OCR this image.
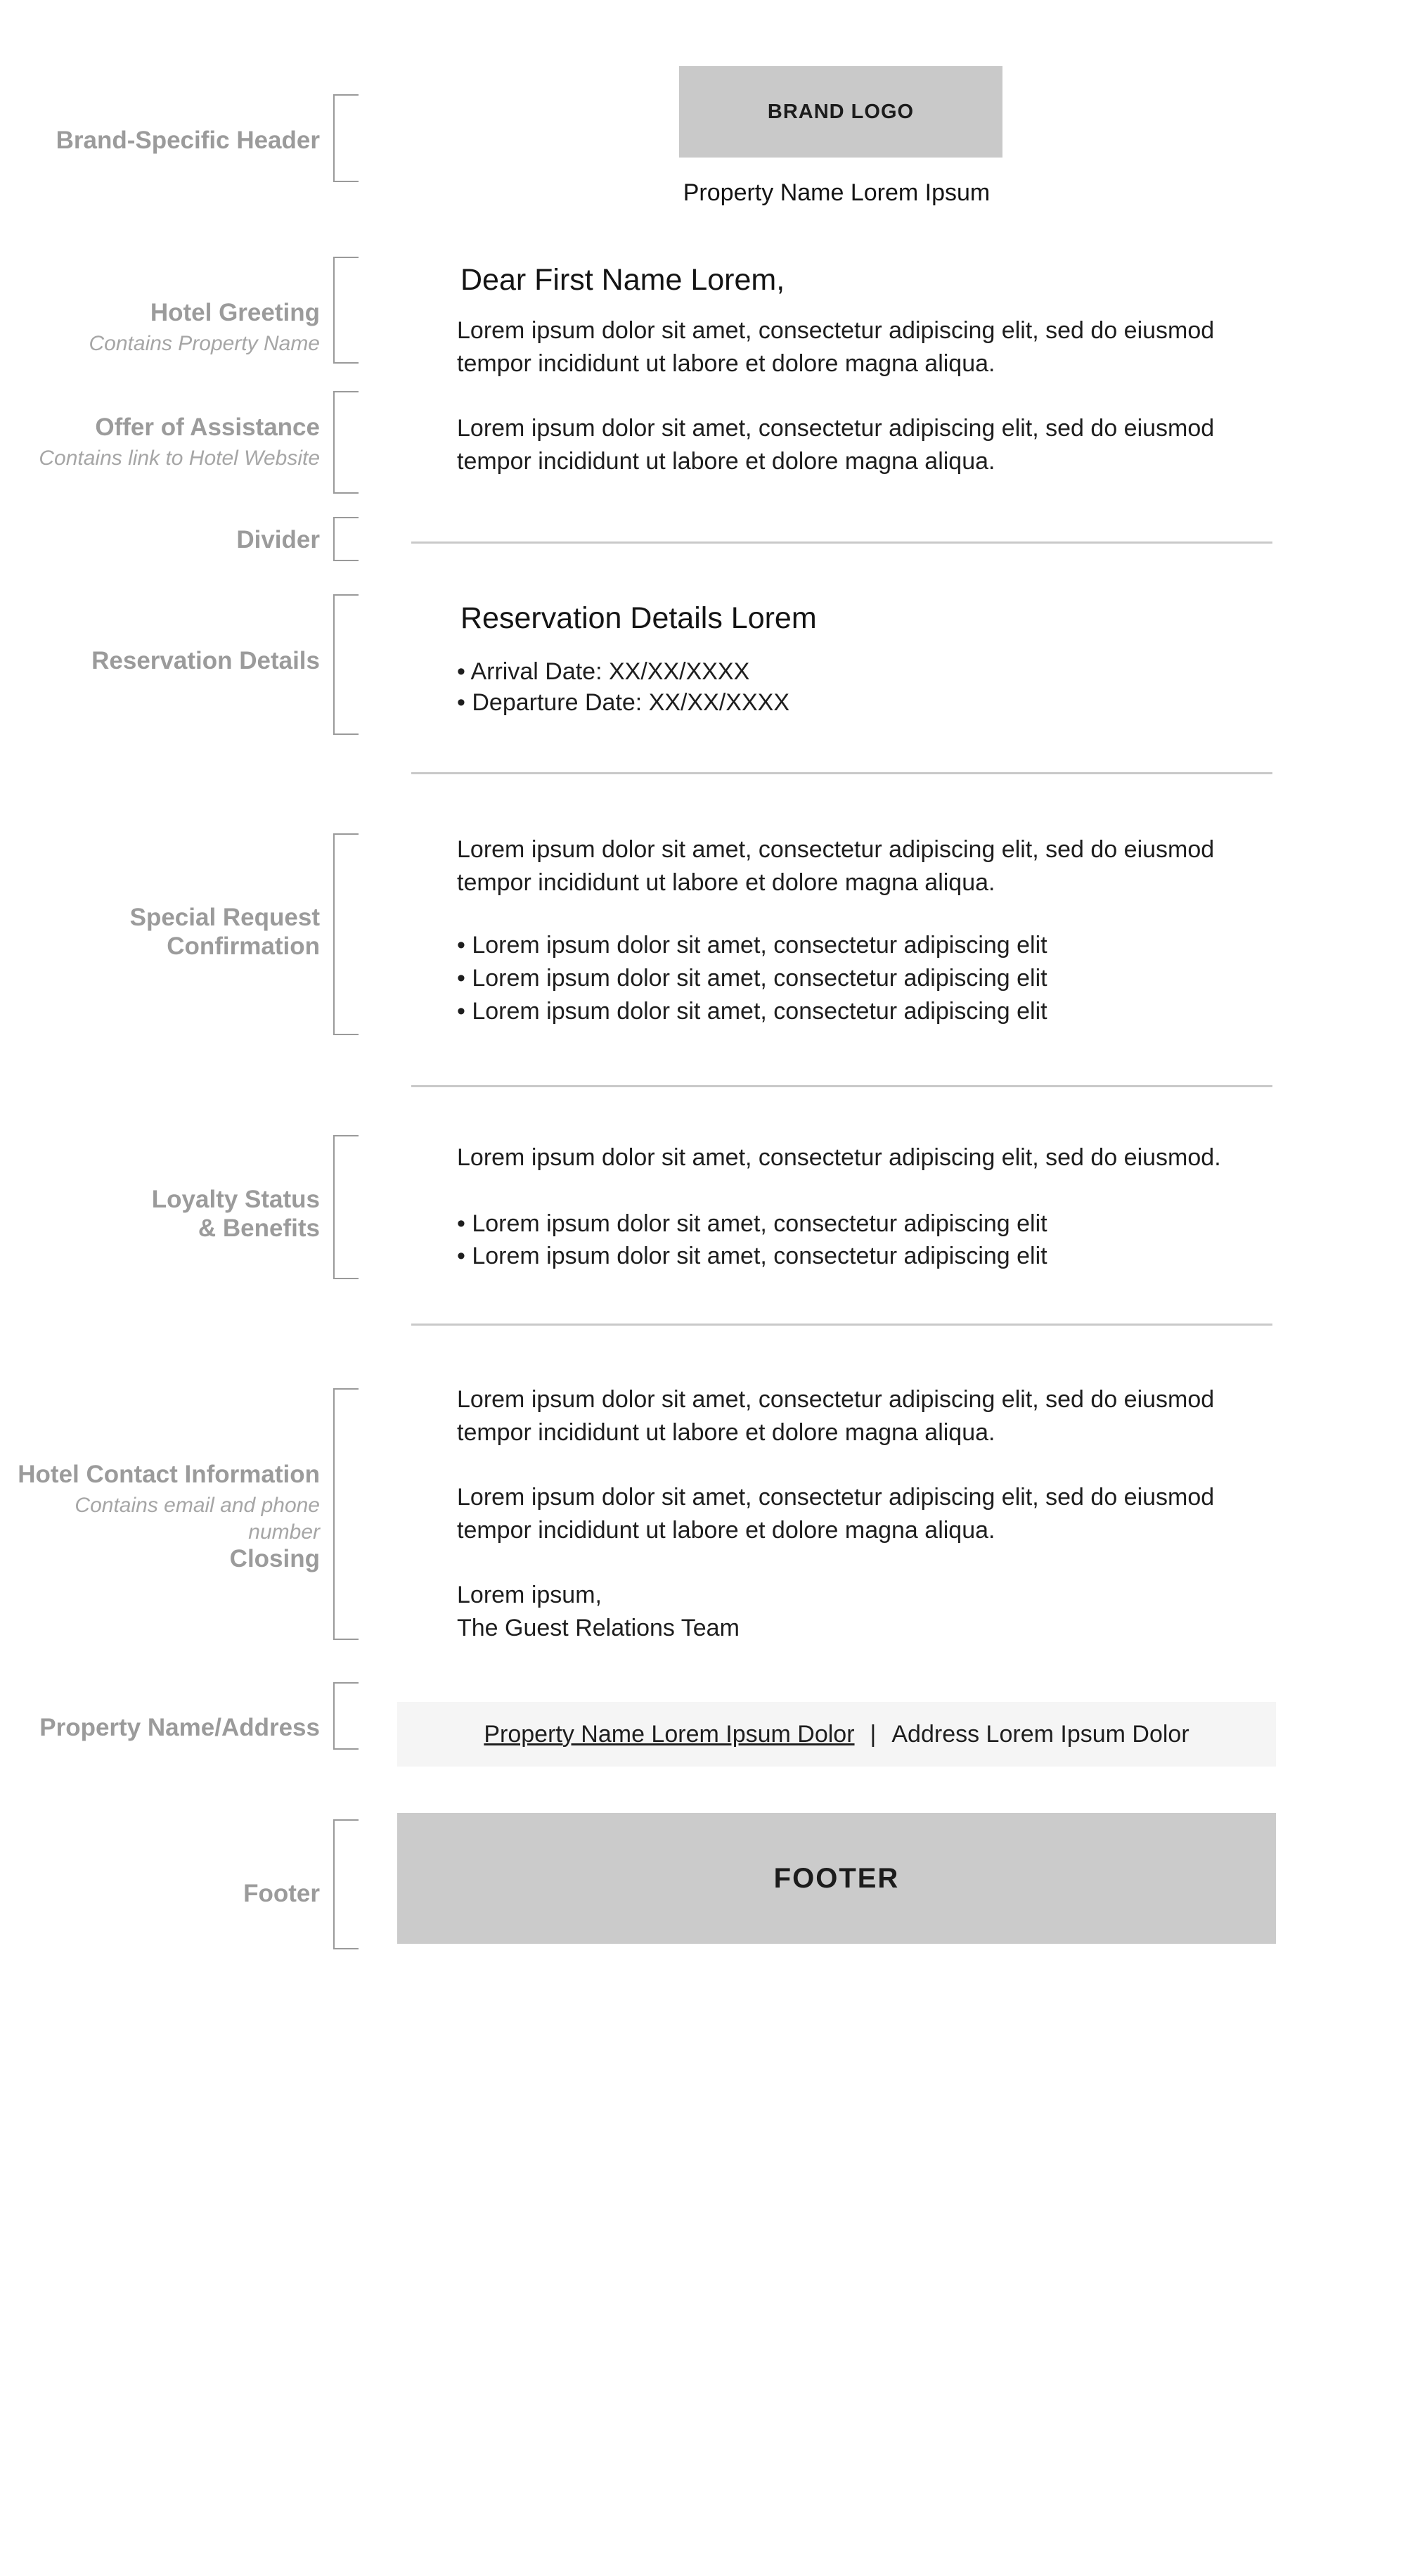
Brand-Specific Header
Hotel Greeting
Contains Property Name
Offer of Assistance
Contains link to Hotel Website
Divider
Reservation Details
Special Request
Confirmation
Loyalty Status
& Benefits
Hotel Contact Information
Contains email and phone number
Closing
Property Name/Address
Footer
BRAND LOGO
Property Name Lorem Ipsum
Dear First Name Lorem,
Lorem ipsum dolor sit amet, consectetur adipiscing elit, sed do eiusmod tempor incididunt ut labore et dolore magna aliqua.
Lorem ipsum dolor sit amet, consectetur adipiscing elit, sed do eiusmod tempor incididunt ut labore et dolore magna aliqua.
Reservation Details Lorem
• Arrival Date: XX/XX/XXXX
• Departure Date: XX/XX/XXXX
Lorem ipsum dolor sit amet, consectetur adipiscing elit, sed do eiusmod tempor incididunt ut labore et dolore magna aliqua.
• Lorem ipsum dolor sit amet, consectetur adipiscing elit
• Lorem ipsum dolor sit amet, consectetur adipiscing elit
• Lorem ipsum dolor sit amet, consectetur adipiscing elit
Lorem ipsum dolor sit amet, consectetur adipiscing elit, sed do eiusmod.
• Lorem ipsum dolor sit amet, consectetur adipiscing elit
• Lorem ipsum dolor sit amet, consectetur adipiscing elit
Lorem ipsum dolor sit amet, consectetur adipiscing elit, sed do eiusmod tempor incididunt ut labore et dolore magna aliqua.
Lorem ipsum dolor sit amet, consectetur adipiscing elit, sed do eiusmod tempor incididunt ut labore et dolore magna aliqua.
Lorem ipsum,
The Guest Relations Team
Property Name Lorem Ipsum Dolor | Address Lorem Ipsum Dolor
FOOTER
